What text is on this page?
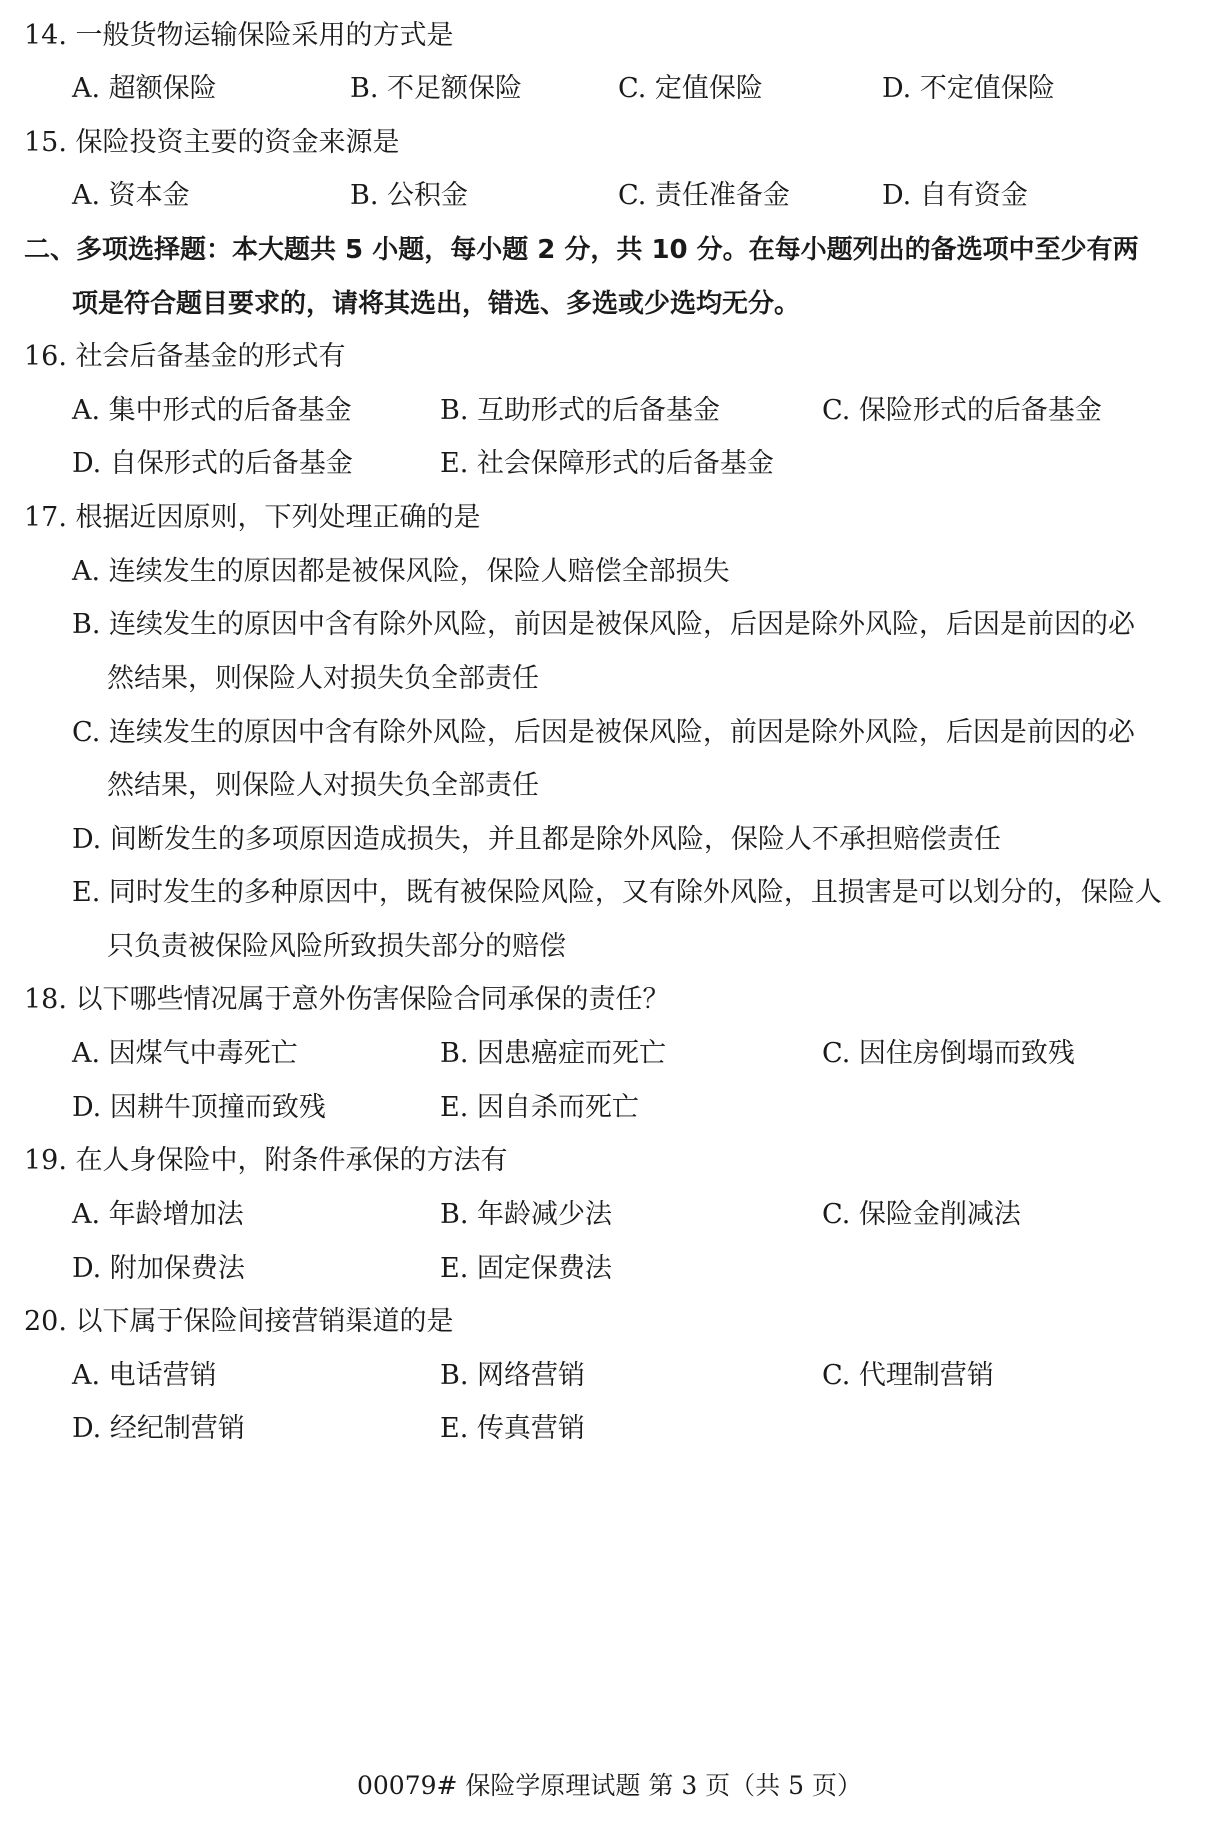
14. 一般货物运输保险采用的方式是
A. 超额保险	B. 不足额保险	C. 定值保险	D. 不定值保险
15. 保险投资主要的资金来源是
A. 资本金	B. 公积金	C. 责任准备金	D. 自有资金
二、多项选择题：本大题共 5 小题，每小题 2 分，共 10 分。在每小题列出的备选项中至少有两
项是符合题目要求的，请将其选出，错选、多选或少选均无分。
16. 社会后备基金的形式有
A. 集中形式的后备基金	B. 互助形式的后备基金	C. 保险形式的后备基金
D. 自保形式的后备基金	E. 社会保障形式的后备基金
17. 根据近因原则，下列处理正确的是
A. 连续发生的原因都是被保风险，保险人赔偿全部损失
B. 连续发生的原因中含有除外风险，前因是被保风险，后因是除外风险，后因是前因的必
然结果，则保险人对损失负全部责任
C. 连续发生的原因中含有除外风险，后因是被保风险，前因是除外风险，后因是前因的必
然结果，则保险人对损失负全部责任
D. 间断发生的多项原因造成损失，并且都是除外风险，保险人不承担赔偿责任
E. 同时发生的多种原因中，既有被保险风险，又有除外风险，且损害是可以划分的，保险人
只负责被保险风险所致损失部分的赔偿
18. 以下哪些情况属于意外伤害保险合同承保的责任？
A. 因煤气中毒死亡	B. 因患癌症而死亡	C. 因住房倒塌而致残
D. 因耕牛顶撞而致残	E. 因自杀而死亡
19. 在人身保险中，附条件承保的方法有
A. 年龄增加法	B. 年龄减少法	C. 保险金削减法
D. 附加保费法	E. 固定保费法
20. 以下属于保险间接营销渠道的是
A. 电话营销	B. 网络营销	C. 代理制营销
D. 经纪制营销	E. 传真营销
00079# 保险学原理试题 第 3 页（共 5 页）
